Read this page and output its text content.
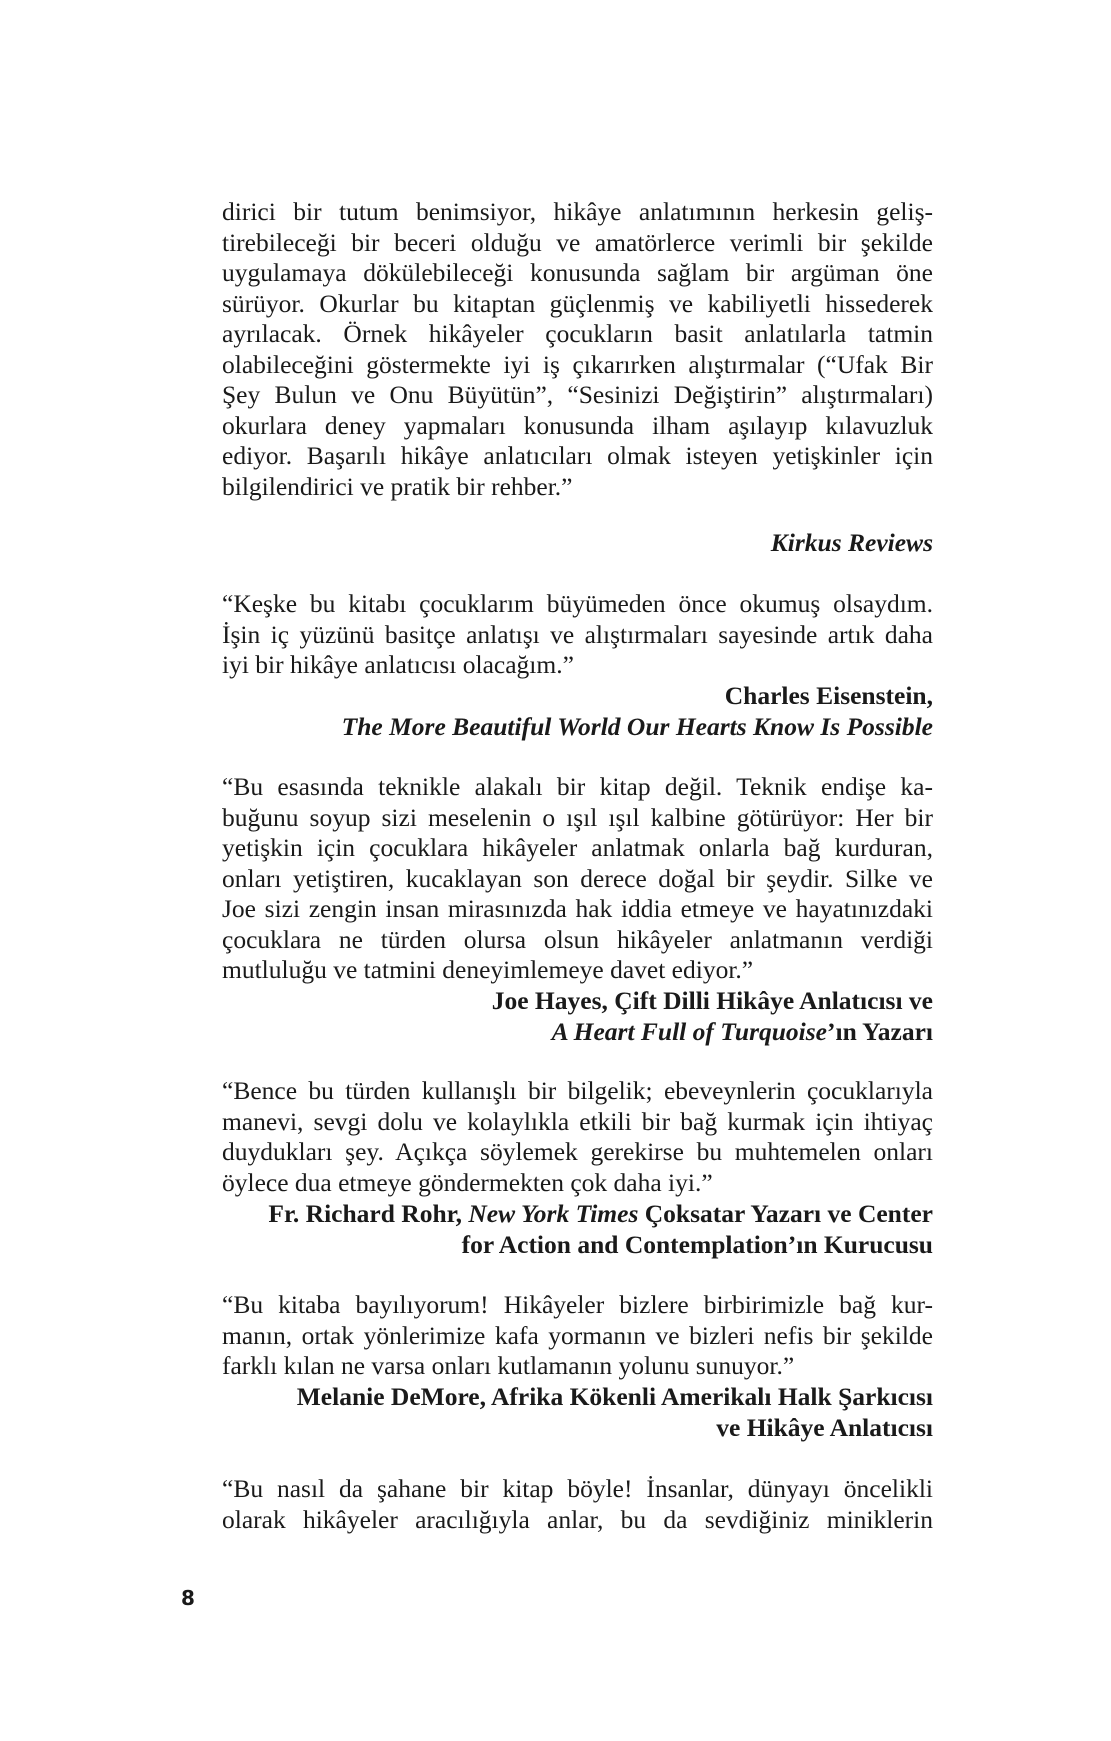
dirici bir tutum benimsiyor, hikâye anlatımının herkesin geliş-
tirebileceği bir beceri olduğu ve amatörlerce verimli bir şekilde
uygulamaya dökülebileceği konusunda sağlam bir argüman öne
sürüyor. Okurlar bu kitaptan güçlenmiş ve kabiliyetli hissederek
ayrılacak. Örnek hikâyeler çocukların basit anlatılarla tatmin
olabileceğini göstermekte iyi iş çıkarırken alıştırmalar (“Ufak Bir
Şey Bulun ve Onu Büyütün”, “Sesinizi Değiştirin” alıştırmaları)
okurlara deney yapmaları konusunda ilham aşılayıp kılavuzluk
ediyor. Başarılı hikâye anlatıcıları olmak isteyen yetişkinler için
bilgilendirici ve pratik bir rehber.”
Kirkus Reviews
“Keşke bu kitabı çocuklarım büyümeden önce okumuş olsaydım.
İşin iç yüzünü basitçe anlatışı ve alıştırmaları sayesinde artık daha
iyi bir hikâye anlatıcısı olacağım.”
Charles Eisenstein,
The More Beautiful World Our Hearts Know Is Possible
“Bu esasında teknikle alakalı bir kitap değil. Teknik endişe ka-
buğunu soyup sizi meselenin o ışıl ışıl kalbine götürüyor: Her bir
yetişkin için çocuklara hikâyeler anlatmak onlarla bağ kurduran,
onları yetiştiren, kucaklayan son derece doğal bir şeydir. Silke ve
Joe sizi zengin insan mirasınızda hak iddia etmeye ve hayatınızdaki
çocuklara ne türden olursa olsun hikâyeler anlatmanın verdiği
mutluluğu ve tatmini deneyimlemeye davet ediyor.”
Joe Hayes, Çift Dilli Hikâye Anlatıcısı ve
A Heart Full of Turquoise’ın Yazarı
“Bence bu türden kullanışlı bir bilgelik; ebeveynlerin çocuklarıyla
manevi, sevgi dolu ve kolaylıkla etkili bir bağ kurmak için ihtiyaç
duydukları şey. Açıkça söylemek gerekirse bu muhtemelen onları
öylece dua etmeye göndermekten çok daha iyi.”
Fr. Richard Rohr, New York Times Çoksatar Yazarı ve Center
for Action and Contemplation’ın Kurucusu
“Bu kitaba bayılıyorum! Hikâyeler bizlere birbirimizle bağ kur-
manın, ortak yönlerimize kafa yormanın ve bizleri nefis bir şekilde
farklı kılan ne varsa onları kutlamanın yolunu sunuyor.”
Melanie DeMore, Afrika Kökenli Amerikalı Halk Şarkıcısı
ve Hikâye Anlatıcısı
“Bu nasıl da şahane bir kitap böyle! İnsanlar, dünyayı öncelikli
olarak hikâyeler aracılığıyla anlar, bu da sevdiğiniz miniklerin
8
